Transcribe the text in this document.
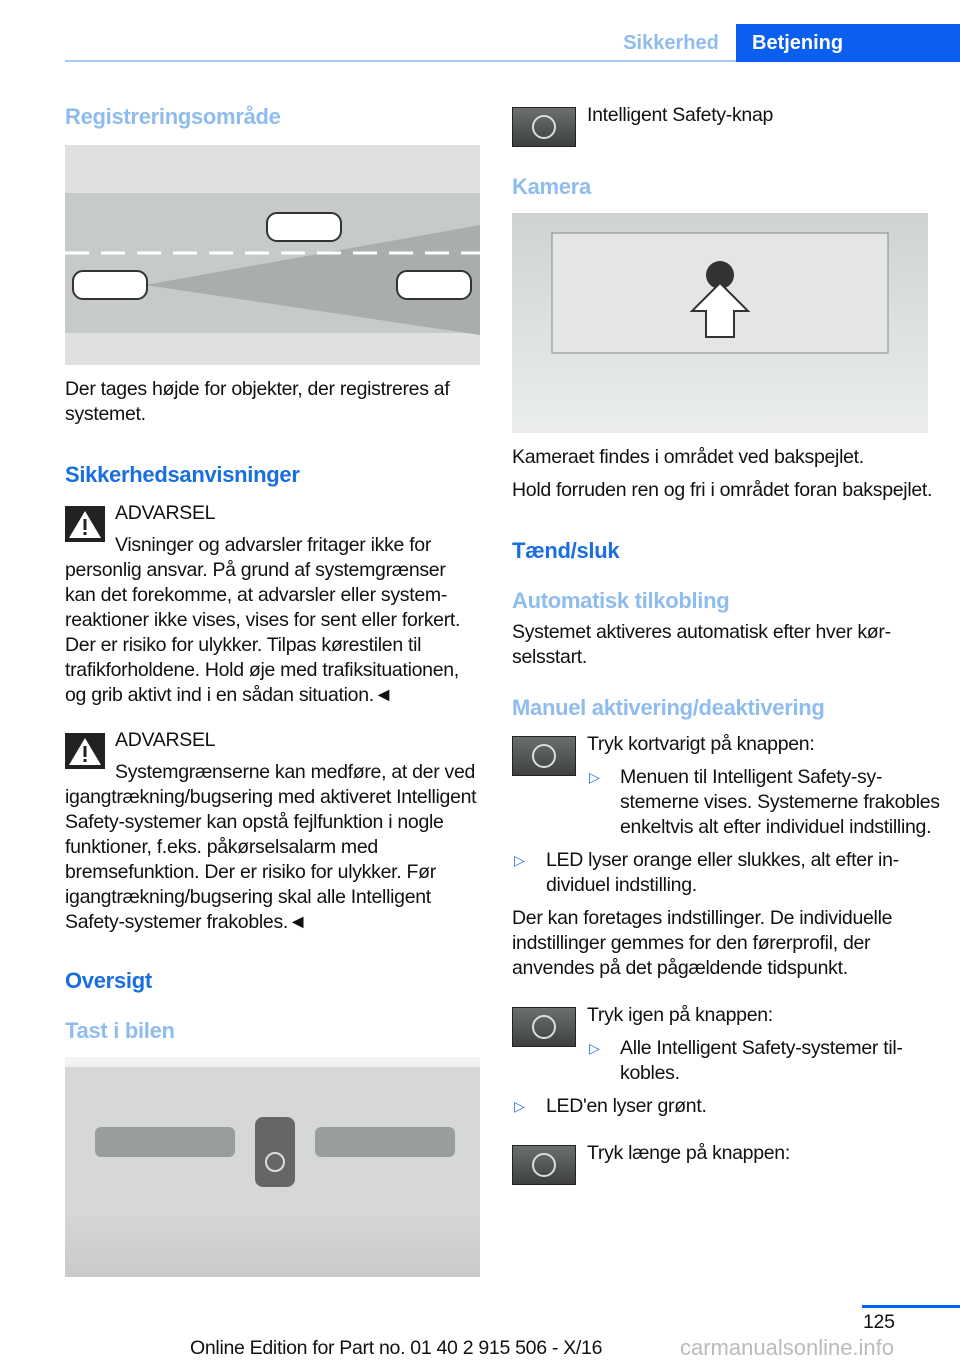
Sikkerhed	Betjening
Registreringsområde
Der tages højde for objekter, der registreres af systemet.
Sikkerhedsanvisninger
ADVARSEL
Visninger og advarsler fritager ikke for personlig ansvar. På grund af systemgrænser kan det forekomme, at advarsler eller systemreaktioner ikke vises, vises for sent eller forkert. Der er risiko for ulykker. Tilpas kørestilen til trafikforholdene. Hold øje med trafiksituationen, og grib aktivt ind i en sådan situation.◄
ADVARSEL
Systemgrænserne kan medføre, at der ved igangtrækning/bugsering med aktiveret Intelligent Safety-systemer kan opstå fejlfunktion i nogle funktioner, f.eks. påkørselsalarm med bremsefunktion. Der er risiko for ulykker. Før igangtrækning/bugsering skal alle Intelligent Safety-systemer frakobles.◄
Oversigt
Tast i bilen
Intelligent Safety-knap
Kamera
Kameraet findes i området ved bakspejlet.
Hold forruden ren og fri i området foran bakspejlet.
Tænd/sluk
Automatisk tilkobling
Systemet aktiveres automatisk efter hver kørselsstart.
Manuel aktivering/deaktivering
Tryk kortvarigt på knappen:
▷ Menuen til Intelligent Safety-systemerne vises. Systemerne frakobles enkeltvis alt efter individuel indstilling.
▷ LED lyser orange eller slukkes, alt efter individuel indstilling.
Der kan foretages indstillinger. De individuelle indstillinger gemmes for den førerprofil, der anvendes på det pågældende tidspunkt.
Tryk igen på knappen:
▷ Alle Intelligent Safety-systemer tilkobles.
▷ LED'en lyser grønt.
Tryk længe på knappen:
125
Online Edition for Part no. 01 40 2 915 506 - X/16	carmanualsonline.info
